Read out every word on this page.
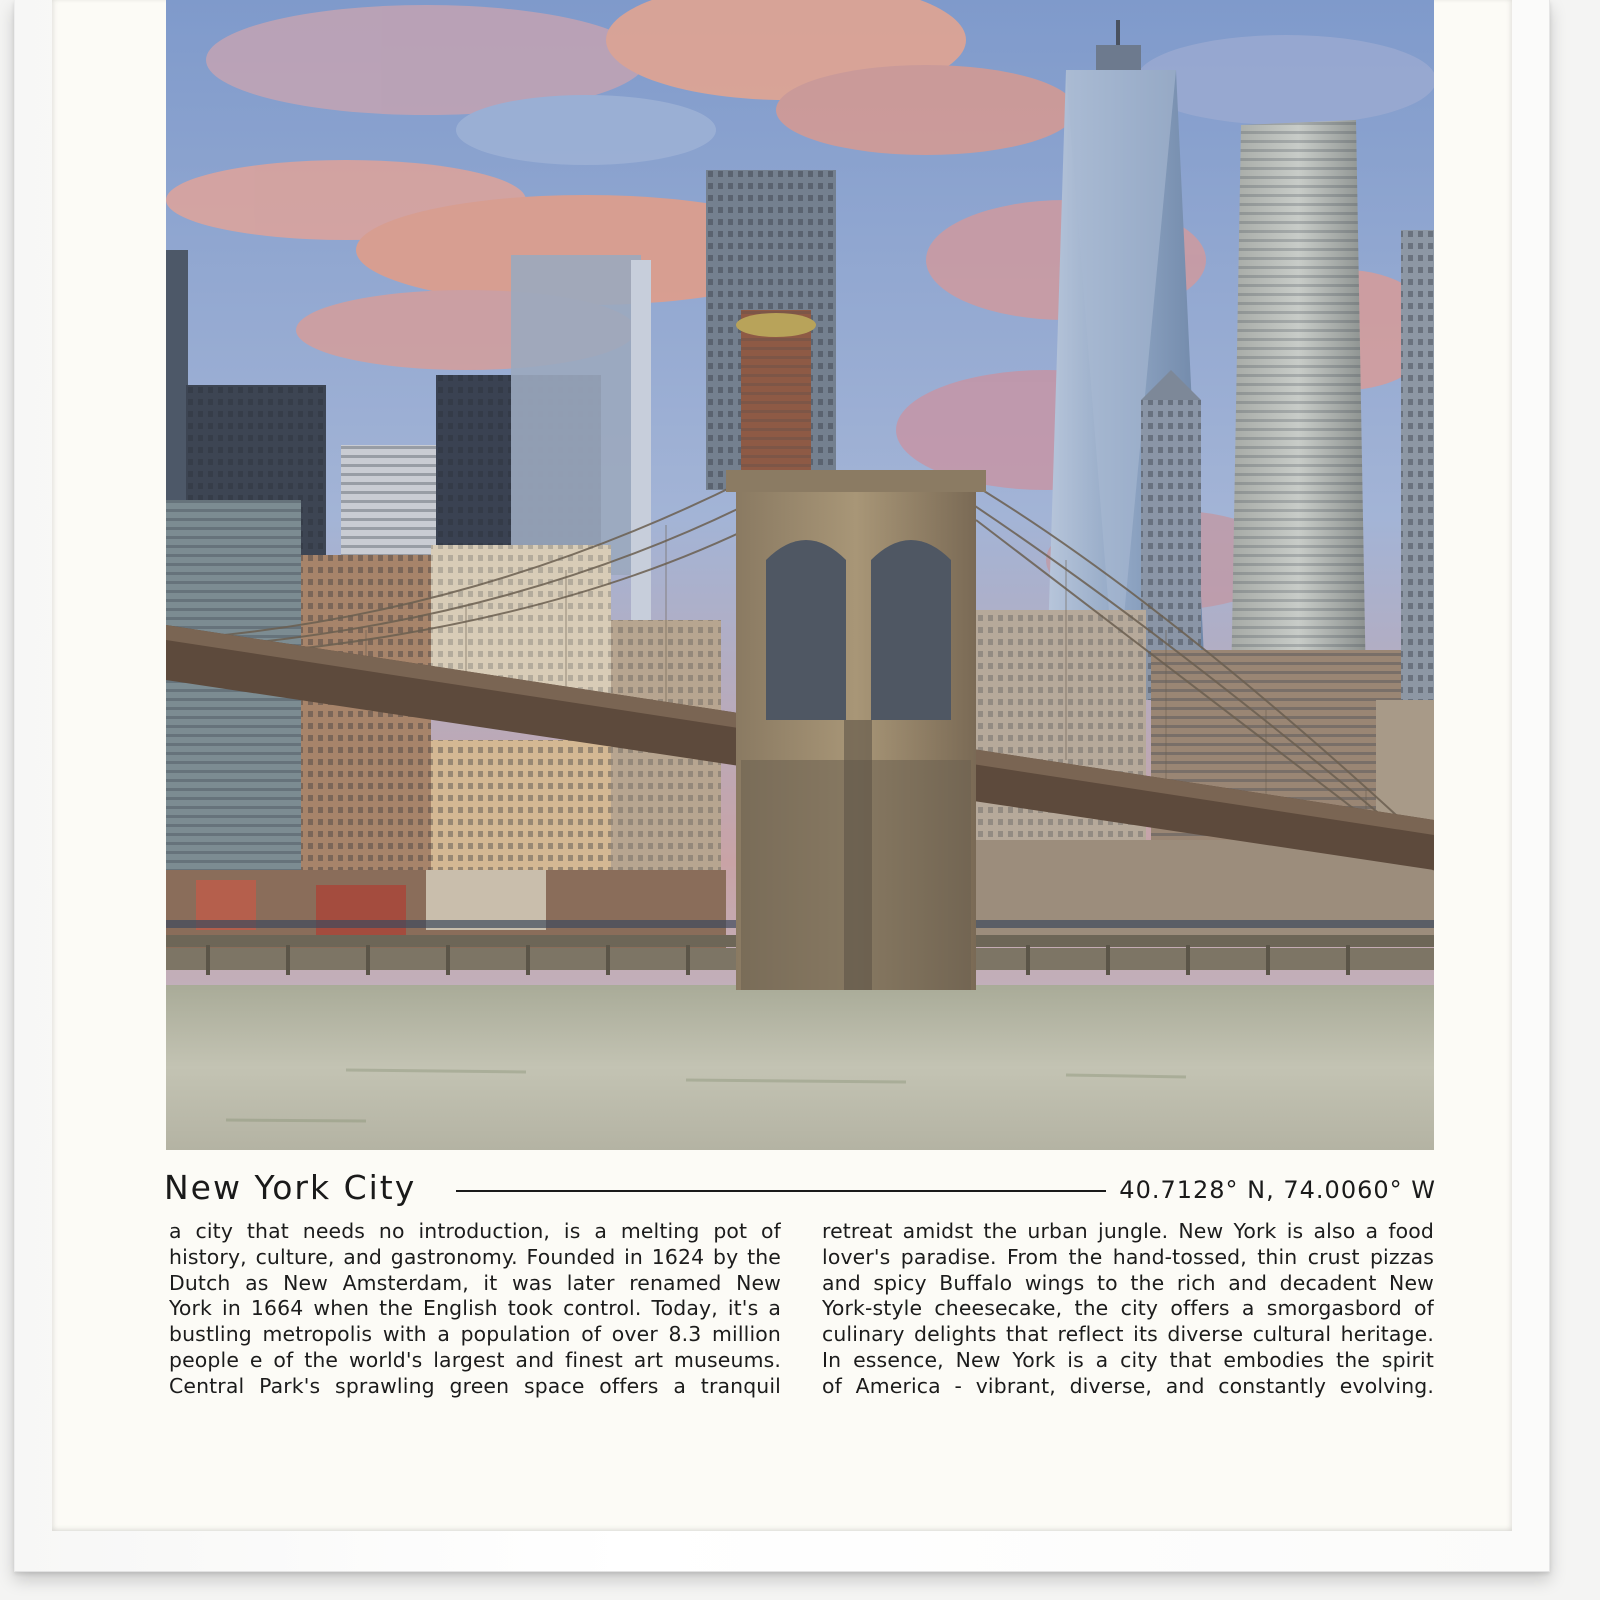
New York City	40.7128° N, 74.0060° W
a city that needs no introduction, is a melting pot of
history, culture, and gastronomy. Founded in 1624 by the
Dutch as New Amsterdam, it was later renamed New
York in 1664 when the English took control. Today, it's a
bustling metropolis with a population of over 8.3 million
people e of the world's largest and finest art museums.
Central Park's sprawling green space offers a tranquil
retreat amidst the urban jungle. New York is also a food
lover's paradise. From the hand-tossed, thin crust pizzas
and spicy Buffalo wings to the rich and decadent New
York-style cheesecake, the city offers a smorgasbord of
culinary delights that reflect its diverse cultural heritage.
In essence, New York is a city that embodies the spirit
of America - vibrant, diverse, and constantly evolving.
